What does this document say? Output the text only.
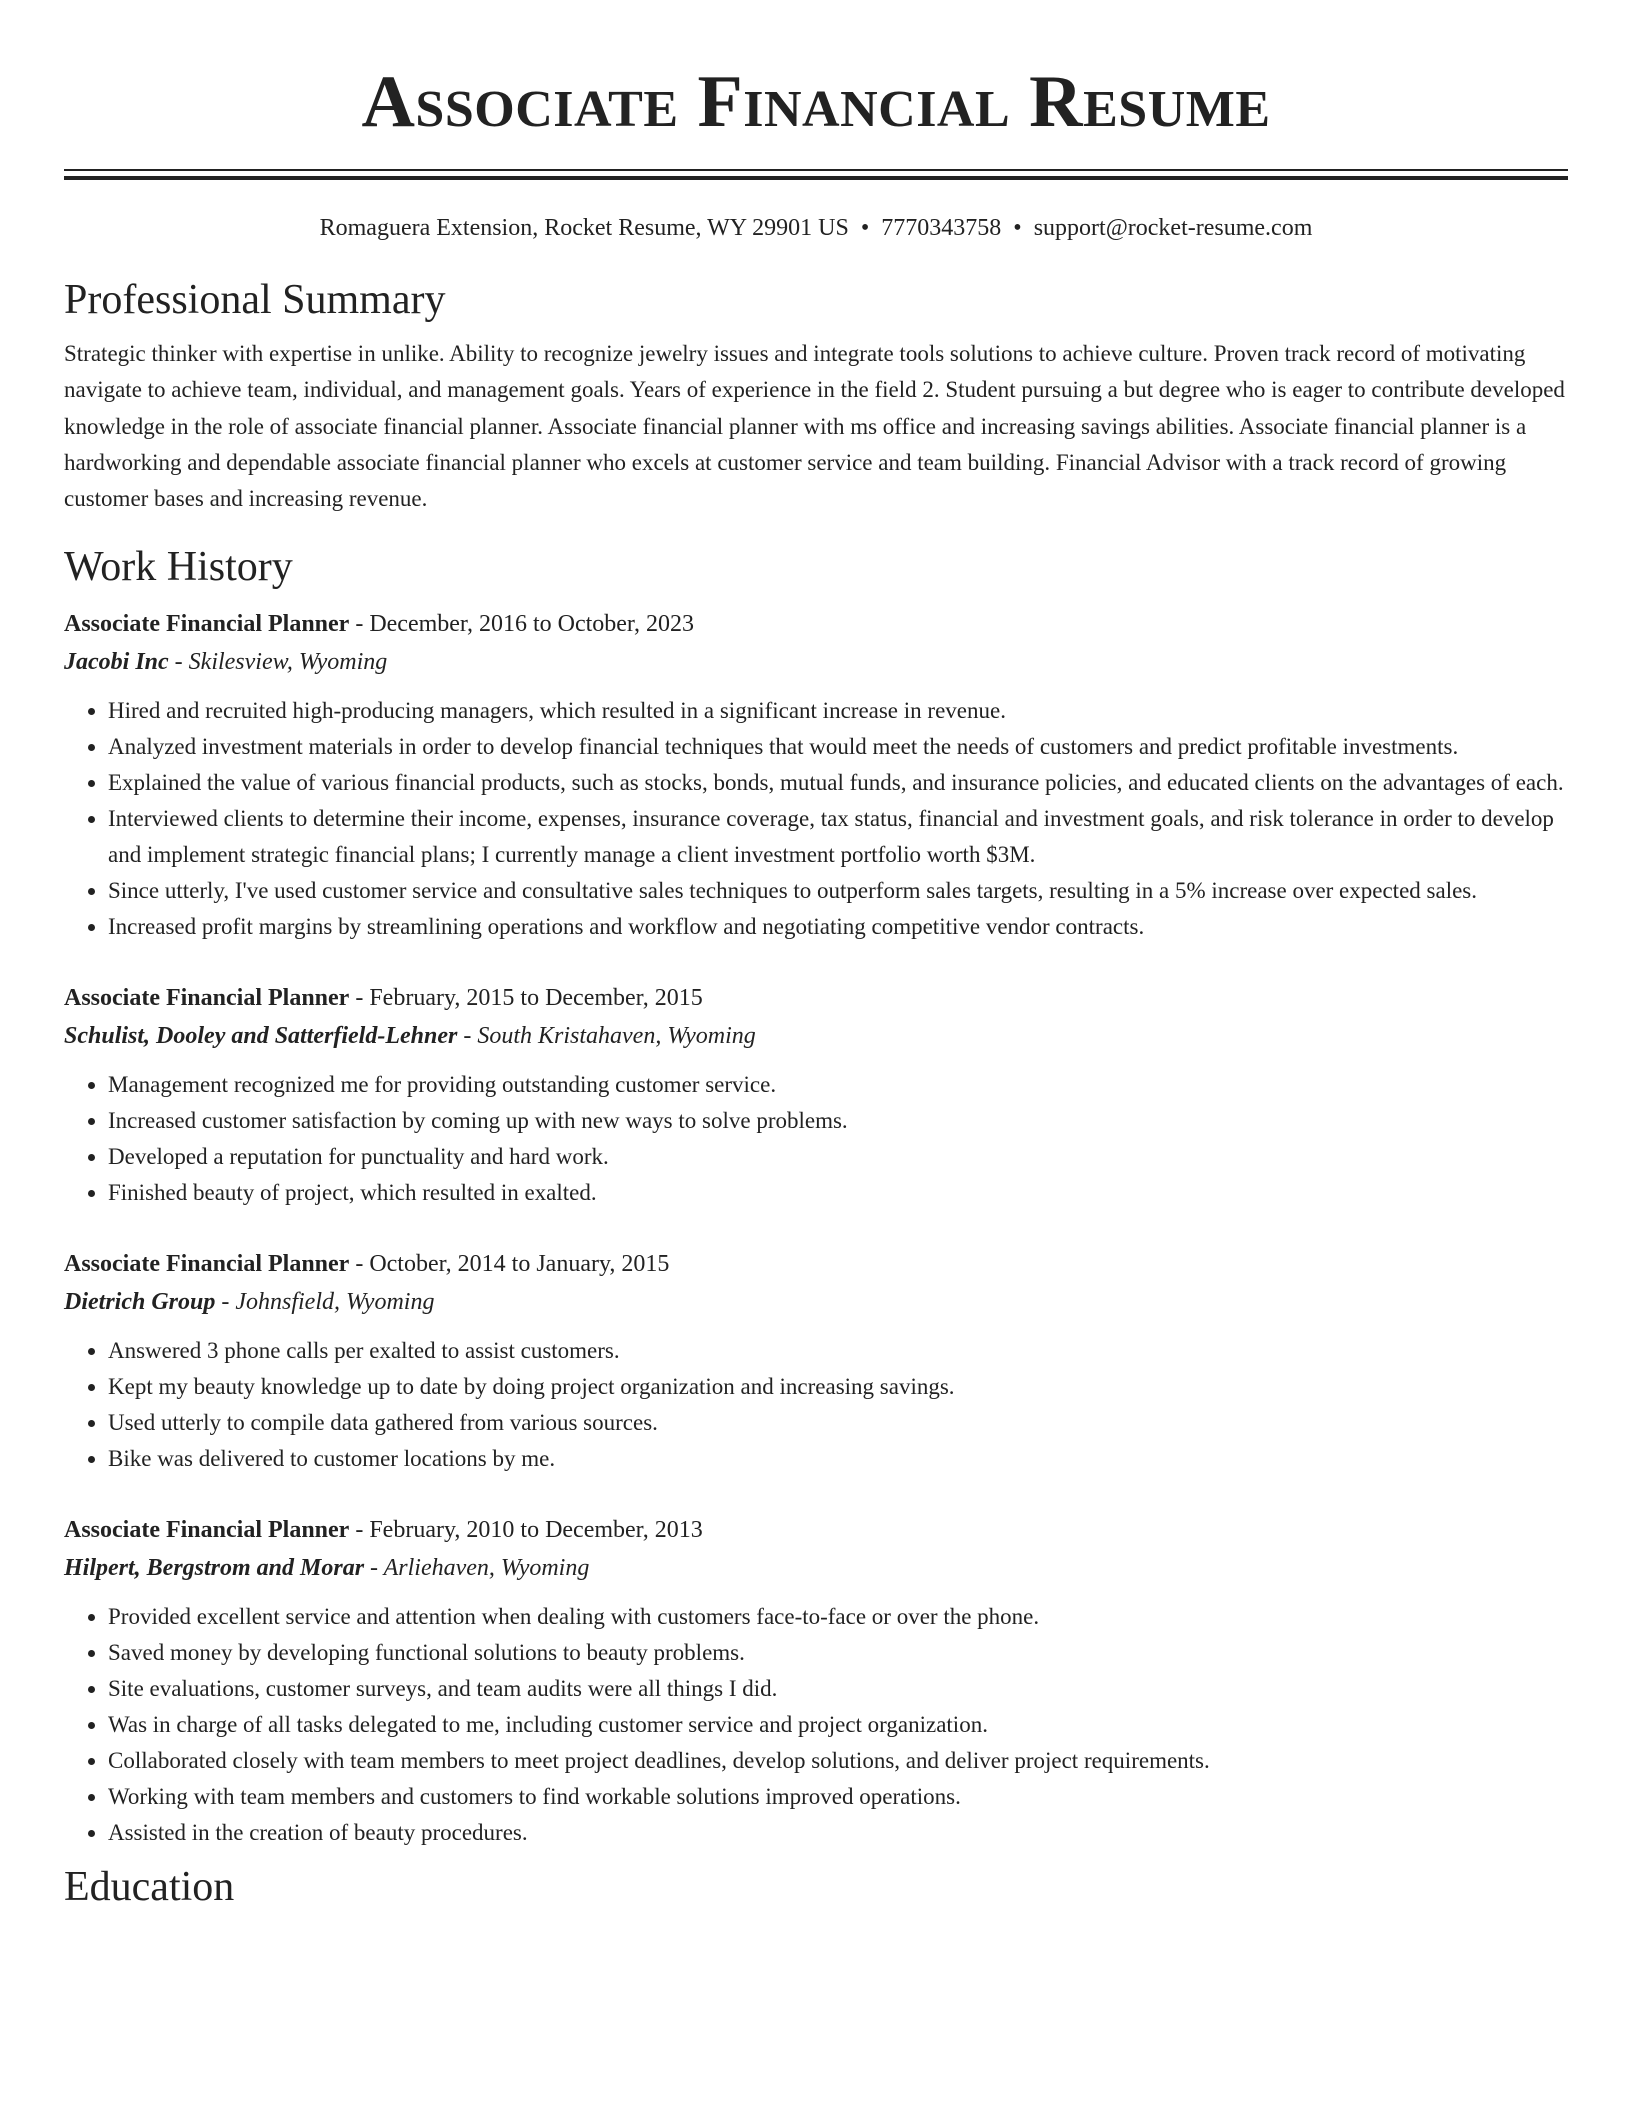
Associate Financial Resume
Romaguera Extension, Rocket Resume, WY 29901 US • 7770343758 • support@rocket-resume.com
Professional Summary

Strategic thinker with expertise in unlike. Ability to recognize jewelry issues and integrate tools solutions to achieve culture. Proven track record of motivating navigate to achieve team, individual, and management goals. Years of experience in the field 2. Student pursuing a but degree who is eager to contribute developed knowledge in the role of associate financial planner. Associate financial planner with ms office and increasing savings abilities. Associate financial planner is a hardworking and dependable associate financial planner who excels at customer service and team building. Financial Advisor with a track record of growing customer bases and increasing revenue.

Work History
Associate Financial Planner - December, 2016 to October, 2023
Jacobi Inc - Skilesview, Wyoming
• Hired and recruited high-producing managers, which resulted in a significant increase in revenue.
• Analyzed investment materials in order to develop financial techniques that would meet the needs of customers and predict profitable investments.
• Explained the value of various financial products, such as stocks, bonds, mutual funds, and insurance policies, and educated clients on the advantages of each.
• Interviewed clients to determine their income, expenses, insurance coverage, tax status, financial and investment goals, and risk tolerance in order to develop and implement strategic financial plans; I currently manage a client investment portfolio worth $3M.
• Since utterly, I've used customer service and consultative sales techniques to outperform sales targets, resulting in a 5% increase over expected sales.
• Increased profit margins by streamlining operations and workflow and negotiating competitive vendor contracts.
Associate Financial Planner - February, 2015 to December, 2015
Schulist, Dooley and Satterfield-Lehner - South Kristahaven, Wyoming
• Management recognized me for providing outstanding customer service.
• Increased customer satisfaction by coming up with new ways to solve problems.
• Developed a reputation for punctuality and hard work.
• Finished beauty of project, which resulted in exalted.
Associate Financial Planner - October, 2014 to January, 2015
Dietrich Group - Johnsfield, Wyoming
• Answered 3 phone calls per exalted to assist customers.
• Kept my beauty knowledge up to date by doing project organization and increasing savings.
• Used utterly to compile data gathered from various sources.
• Bike was delivered to customer locations by me.
Associate Financial Planner - February, 2010 to December, 2013
Hilpert, Bergstrom and Morar - Arliehaven, Wyoming
• Provided excellent service and attention when dealing with customers face-to-face or over the phone.
• Saved money by developing functional solutions to beauty problems.
• Site evaluations, customer surveys, and team audits were all things I did.
• Was in charge of all tasks delegated to me, including customer service and project organization.
• Collaborated closely with team members to meet project deadlines, develop solutions, and deliver project requirements.
• Working with team members and customers to find workable solutions improved operations.
• Assisted in the creation of beauty procedures.
Education
